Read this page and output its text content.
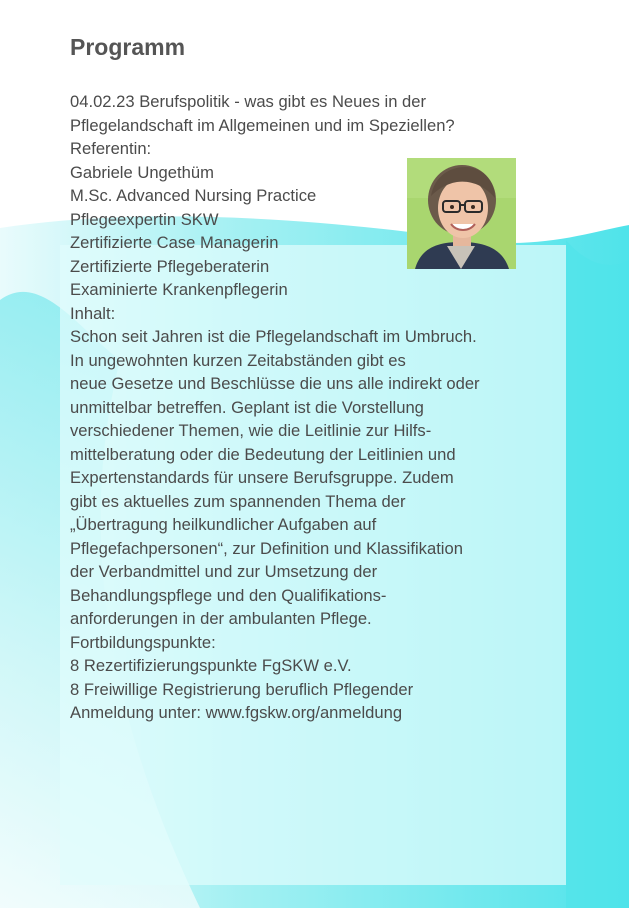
Programm

04.02.23 Berufspolitik - was gibt es Neues in der
Pflegelandschaft im Allgemeinen und im Speziellen?

Referentin:
Gabriele Ungethüm
M.Sc. Advanced Nursing Practice
Pflegeexpertin SKW
Zertifizierte Case Managerin
Zertifizierte Pflegeberaterin
Examinierte Krankenpflegerin

Inhalt:
Schon seit Jahren ist die Pflegelandschaft im Umbruch.
In ungewohnten kurzen Zeitabständen gibt es
neue Gesetze und Beschlüsse die uns alle indirekt oder
unmittelbar betreffen. Geplant ist die Vorstellung
verschiedener Themen, wie die Leitlinie zur Hilfs-
mittelberatung oder die Bedeutung der Leitlinien und
Expertenstandards für unsere Berufsgruppe. Zudem
gibt es aktuelles zum spannenden Thema der
„Übertragung heilkundlicher Aufgaben auf
Pflegefachpersonen“, zur Definition und Klassifikation
der Verbandmittel und zur Umsetzung der
Behandlungspflege und den Qualifikations-
anforderungen in der ambulanten Pflege.

Fortbildungspunkte:
8 Rezertifizierungspunkte FgSKW e.V.
8 Freiwillige Registrierung beruflich Pflegender

Anmeldung unter: www.fgskw.org/anmeldung
